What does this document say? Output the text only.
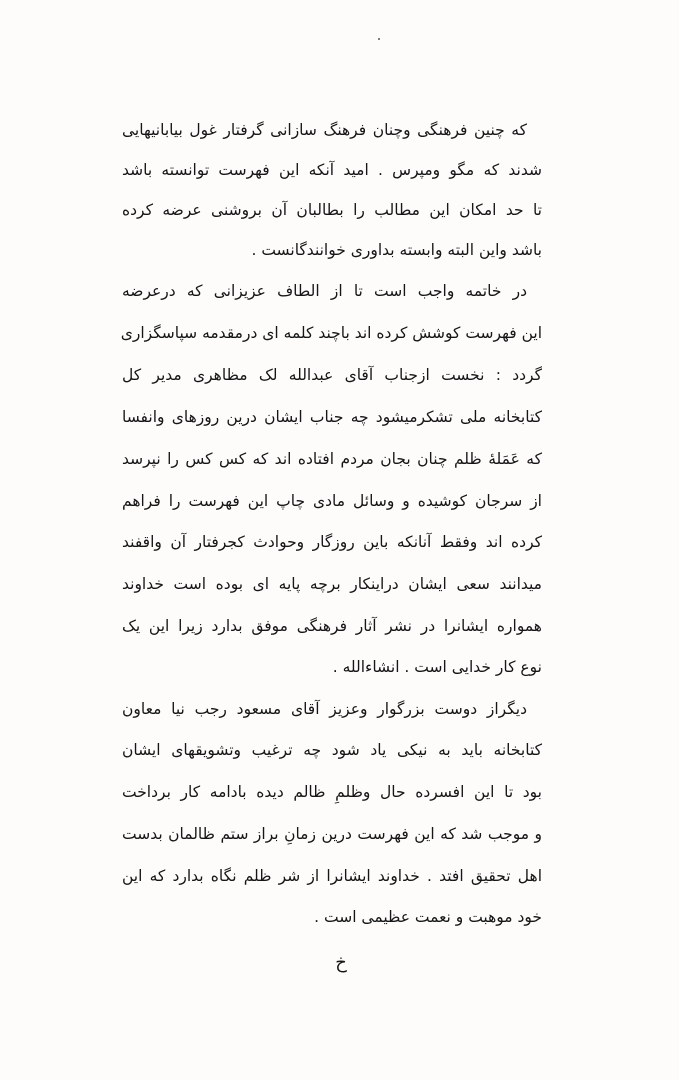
که چنین فرهنگی وچنان فرهنگ سازانی گرفتار غول بیابانیهایی
شدند که مگو ومپرس . امید آنکه این فهرست توانسته باشد
تا حد امکان این مطالب را بطالبان آن بروشنی عرضه کرده
باشد واین البته وابسته بداوری خوانندگانست .
در خاتمه واجب است تا از الطاف عزیزانی که درعرضه
این فهرست کوشش کرده اند باچند کلمه ای درمقدمه سپاسگزاری
گردد : نخست ازجناب آقای عبدالله لک مظاهری مدیر کل
کتابخانه ملی تشکرمیشود چه جناب ایشان درین روزهای وانفسا
که عَمَلهٔ ظلم چنان بجان مردم افتاده اند که کس کس را نپرسد
از سرجان کوشیده و وسائل مادی چاپ این فهرست را فراهم
کرده اند وفقط آنانکه باین روزگار وحوادث کجرفتار آن واقفند
میدانند سعی ایشان دراینکار برچه پایه ای بوده است خداوند
همواره ایشانرا در نشر آثار فرهنگی موفق بدارد زیرا این یک
نوع کار خدایی است . انشاءالله .
دیگراز دوست بزرگوار وعزیز آقای مسعود رجب نیا معاون
کتابخانه باید به نیکی یاد شود چه ترغیب وتشویقهای ایشان
بود تا این افسرده حال وظلمِ ظالم دیده بادامه کار برداخت
و موجب شد که این فهرست درین زمانِ براز ستم ظالمان بدست
اهل تحقیق افتد . خداوند ایشانرا از شر ظلم نگاه بدارد که این
خود موهبت و نعمت عظیمی است .
خ
